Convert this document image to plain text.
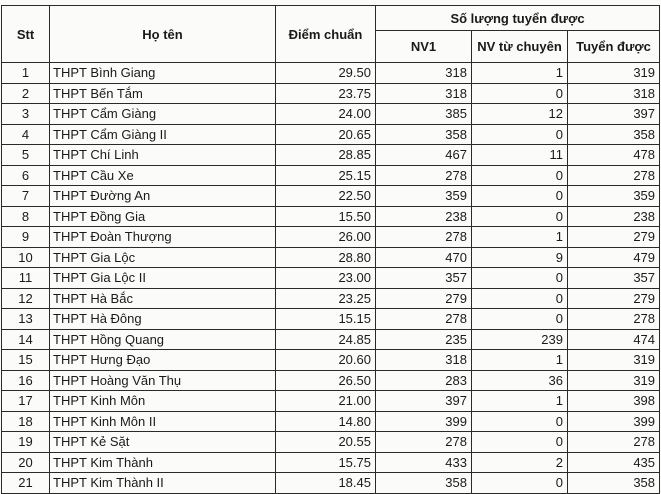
Stt	Họ tên	Điểm chuẩn	Số lượng tuyển được		
			NV1	NV từ chuyên	Tuyển được
1	THPT Bình Giang	29.50	318	1	319
2	THPT Bến Tắm	23.75	318	0	318
3	THPT Cẩm Giàng	24.00	385	12	397
4	THPT Cẩm Giàng II	20.65	358	0	358
5	THPT Chí Linh	28.85	467	11	478
6	THPT Cầu Xe	25.15	278	0	278
7	THPT Đường An	22.50	359	0	359
8	THPT Đồng Gia	15.50	238	0	238
9	THPT Đoàn Thượng	26.00	278	1	279
10	THPT Gia Lộc	28.80	470	9	479
11	THPT Gia Lộc II	23.00	357	0	357
12	THPT Hà Bắc	23.25	279	0	279
13	THPT Hà Đông	15.15	278	0	278
14	THPT Hồng Quang	24.85	235	239	474
15	THPT Hưng Đạo	20.60	318	1	319
16	THPT Hoàng Văn Thụ	26.50	283	36	319
17	THPT Kinh Môn	21.00	397	1	398
18	THPT Kinh Môn II	14.80	399	0	399
19	THPT Kẻ Sặt	20.55	278	0	278
20	THPT Kim Thành	15.75	433	2	435
21	THPT Kim Thành II	18.45	358	0	358
